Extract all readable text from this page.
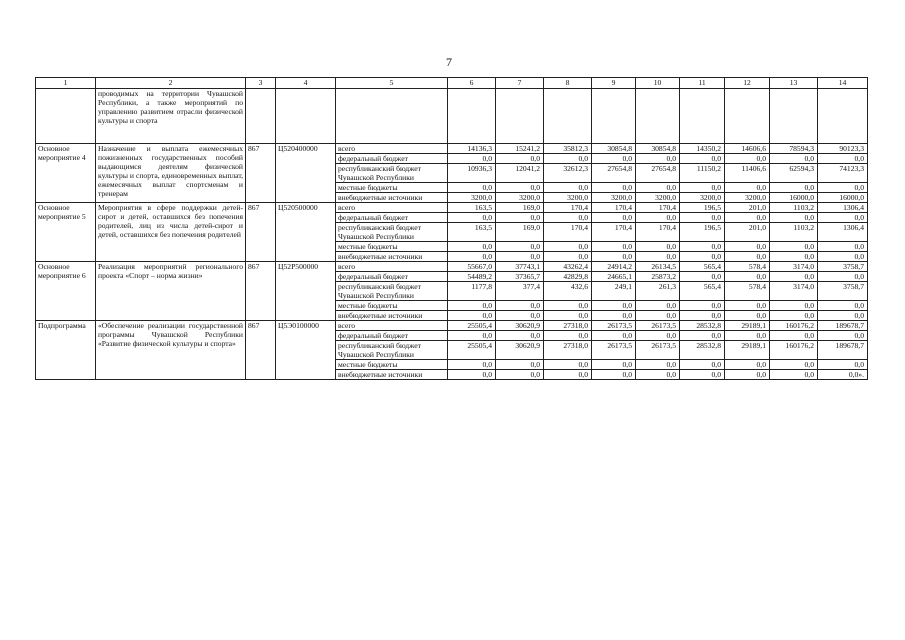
7
1	2	3	4	5	6	7	8	9	10	11	12	13	14
	проводимых на территории Чувашской Республики, а также мероприятий по управлению развитием отрасли физической культуры и спорта												
Основное мероприятие 4	Назначение и выплата ежемесячных пожизненных государственных пособий выдающимся деятелям физической культуры и спорта, единовременных выплат, ежемесячных выплат спортсменам и тренерам	867	Ц520400000	всего	14136,3	15241,2	35812,3	30854,8	30854,8	14350,2	14606,6	78594,3	90123,3
				федеральный бюджет	0,0	0,0	0,0	0,0	0,0	0,0	0,0	0,0	0,0
				республиканский бюджет Чувашской Республики	10936,3	12041,2	32612,3	27654,8	27654,8	11150,2	11406,6	62594,3	74123,3
				местные бюджеты	0,0	0,0	0,0	0,0	0,0	0,0	0,0	0,0	0,0
				внебюджетные источники	3200,0	3200,0	3200,0	3200,0	3200,0	3200,0	3200,0	16000,0	16000,0
Основное мероприятие 5	Мероприятия в сфере поддержки детей-сирот и детей, оставшихся без попечения родителей, лиц из числа детей-сирот и детей, оставшихся без попечения родителей	867	Ц520500000	всего	163,5	169,0	170,4	170,4	170,4	196,5	201,0	1103,2	1306,4
				федеральный бюджет	0,0	0,0	0,0	0,0	0,0	0,0	0,0	0,0	0,0
				республиканский бюджет Чувашской Республики	163,5	169,0	170,4	170,4	170,4	196,5	201,0	1103,2	1306,4
				местные бюджеты	0,0	0,0	0,0	0,0	0,0	0,0	0,0	0,0	0,0
				внебюджетные источники	0,0	0,0	0,0	0,0	0,0	0,0	0,0	0,0	0,0
Основное мероприятие 6	Реализация мероприятий регионального проекта «Спорт – норма жизни»	867	Ц52P500000	всего	55667,0	37743,1	43262,4	24914,2	26134,5	565,4	578,4	3174,0	3758,7
				федеральный бюджет	54489,2	37365,7	42829,8	24665,1	25873,2	0,0	0,0	0,0	0,0
				республиканский бюджет Чувашской Республики	1177,8	377,4	432,6	249,1	261,3	565,4	578,4	3174,0	3758,7
				местные бюджеты	0,0	0,0	0,0	0,0	0,0	0,0	0,0	0,0	0,0
				внебюджетные источники	0,0	0,0	0,0	0,0	0,0	0,0	0,0	0,0	0,0
Подпрограмма	«Обеспечение реализации государственной программы Чувашской Республики «Развитие физической культуры и спорта»	867	Ц5Э0100000	всего	25505,4	30620,9	27318,0	26173,5	26173,5	28532,8	29189,1	160176,2	189678,7
				федеральный бюджет	0,0	0,0	0,0	0,0	0,0	0,0	0,0	0,0	0,0
				республиканский бюджет Чувашской Республики	25505,4	30620,9	27318,0	26173,5	26173,5	28532,8	29189,1	160176,2	189678,7
				местные бюджеты	0,0	0,0	0,0	0,0	0,0	0,0	0,0	0,0	0,0
				внебюджетные источники	0,0	0,0	0,0	0,0	0,0	0,0	0,0	0,0	0,0».
